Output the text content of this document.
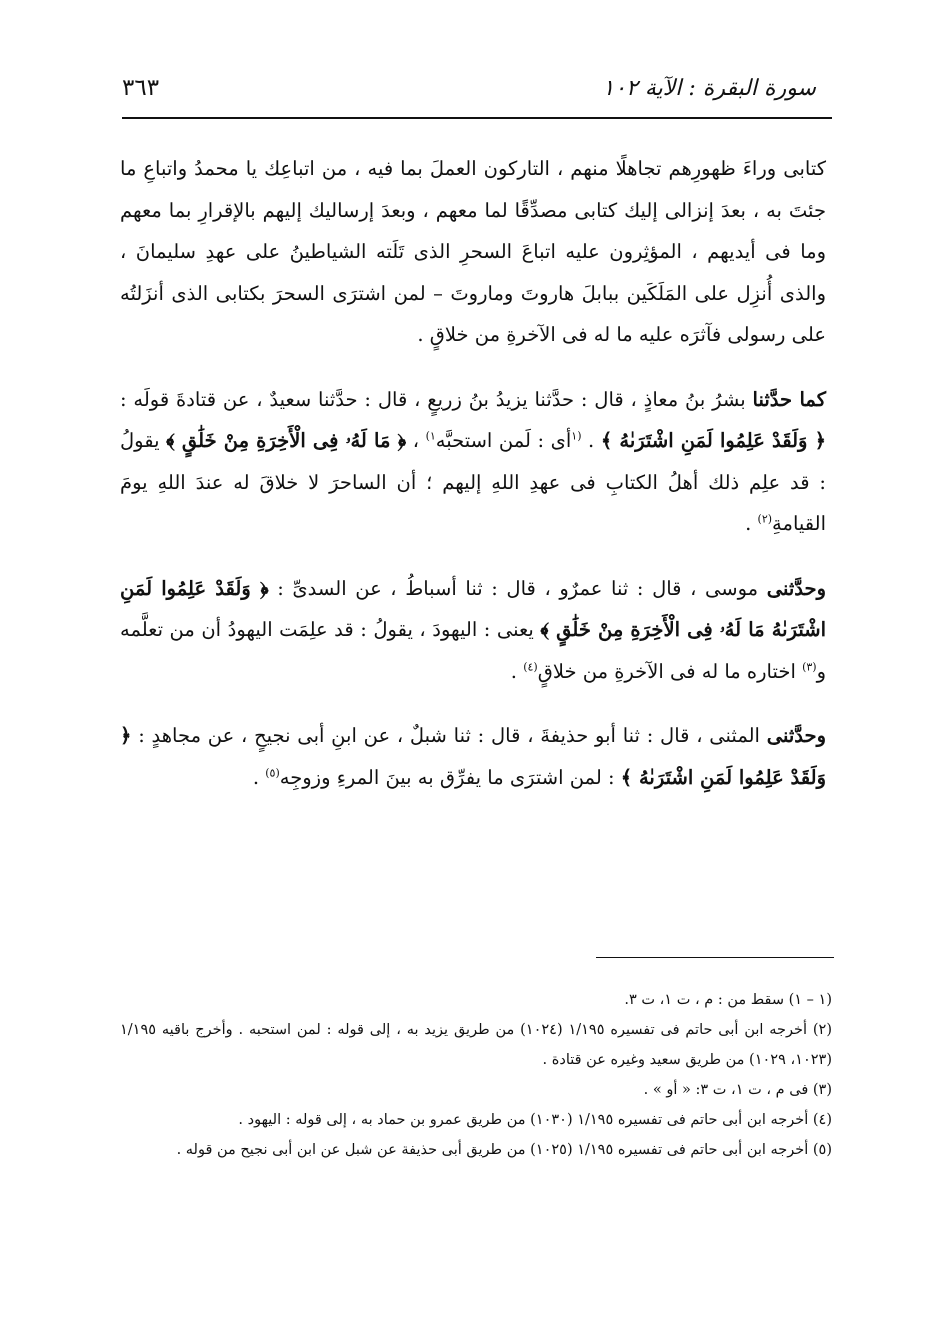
سورة البقرة : الآية ١٠٢
٣٦٣

كتابى وراءَ ظهورِهم تجاهلًا منهم ، التاركون العملَ بما فيه ، من اتباعِك يا محمدُ واتباعِ ما جئتَ به ، بعدَ إنزالى إليك كتابى مصدِّقًا لما معهم ، وبعدَ إرساليك إليهم بالإقرارِ بما معهم وما فى أيديهم ، المؤثِرون عليه اتباعَ السحرِ الذى تَلَته الشياطينُ على عهدِ سليمانَ ، والذى أُنزِل على المَلَكَين ببابلَ هاروتَ وماروتَ – لمن اشترَى السحرَ بكتابى الذى أنزَلتُه على رسولى فآثرَه عليه ما له فى الآخرةِ من خلاقٍ .

كما حدَّثنا بشرُ بنُ معاذٍ ، قال : حدَّثنا يزيدُ بنُ زريعٍ ، قال : حدَّثنا سعيدٌ ، عن قتادةَ قولَه : ﴿ وَلَقَدْ عَلِمُوا لَمَنِ اشْتَرَىٰهُ ﴾ . $^{(١}$أى : لَمن استحبَّه$^{١)}$ ، ﴿ مَا لَهُۥ فِى الْأَخِرَةِ مِنْ خَلَٰقٍ ﴾ يقولُ : قد علِم ذلك أهلُ الكتابِ فى عهدِ اللهِ إليهم ؛ أن الساحرَ لا خلاقَ له عندَ اللهِ يومَ القيامةِ$^{(٢)}$ .

وحدَّثنى موسى ، قال : ثنا عمرٌو ، قال : ثنا أسباطُ ، عن السدىِّ : ﴿ وَلَقَدْ عَلِمُوا لَمَنِ اشْتَرَىٰهُ مَا لَهُۥ فِى الْأَخِرَةِ مِنْ خَلَٰقٍ ﴾ يعنى : اليهودَ ، يقولُ : قد علِمَت اليهودُ أن من تعلَّمه و$^{(٣)}$ اختاره ما له فى الآخرةِ من خلاقٍ$^{(٤)}$ .

وحدَّثنى المثنى ، قال : ثنا أبو حذيفةَ ، قال : ثنا شبلٌ ، عن ابنِ أبى نجيحٍ ، عن مجاهدٍ : ﴿ وَلَقَدْ عَلِمُوا لَمَنِ اشْتَرَىٰهُ ﴾ : لمن اشترَى ما يفرِّق به بينَ المرءِ وزوجِه$^{(٥)}$ .

(١ – ١) سقط من : م ، ت ١، ت ٣.

(٢) أخرجه ابن أبى حاتم فى تفسيره ١/١٩٥ (١٠٢٤) من طريق يزيد به ، إلى قوله : لمن استحبه . وأخرج باقيه ١/١٩٥ (١٠٢٣، ١٠٢٩) من طريق سعيد وغيره عن قتادة .

(٣) فى م ، ت ١، ت ٣: « أو » .

(٤) أخرجه ابن أبى حاتم فى تفسيره ١/١٩٥ (١٠٣٠) من طريق عمرو بن حماد به ، إلى قوله : اليهود .

(٥) أخرجه ابن أبى حاتم فى تفسيره ١/١٩٥ (١٠٢٥) من طريق أبى حذيفة عن شبل عن ابن أبى نجيح من قوله .
